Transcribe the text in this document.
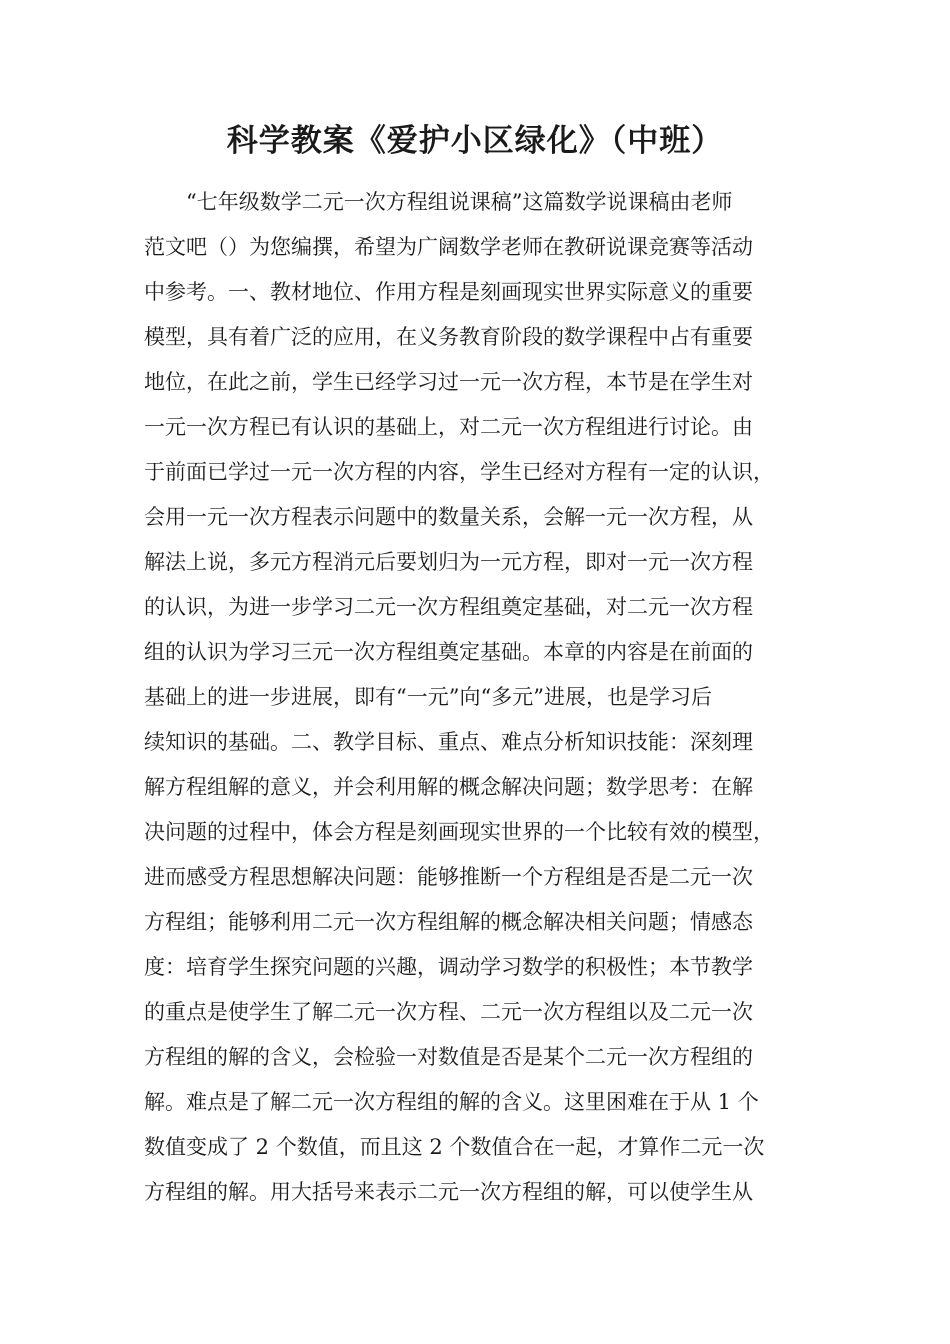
科学教案《爱护小区绿化》（中班）
“七年级数学二元一次方程组说课稿”这篇数学说课稿由老师
范文吧（）为您编撰，希望为广阔数学老师在教研说课竞赛等活动
中参考。一、教材地位、作用方程是刻画现实世界实际意义的重要
模型，具有着广泛的应用，在义务教育阶段的数学课程中占有重要
地位，在此之前，学生已经学习过一元一次方程，本节是在学生对
一元一次方程已有认识的基础上，对二元一次方程组进行讨论。由
于前面已学过一元一次方程的内容，学生已经对方程有一定的认识，
会用一元一次方程表示问题中的数量关系，会解一元一次方程，从
解法上说，多元方程消元后要划归为一元方程，即对一元一次方程
的认识，为进一步学习二元一次方程组奠定基础，对二元一次方程
组的认识为学习三元一次方程组奠定基础。本章的内容是在前面的
基础上的进一步进展，即有“一元”向“多元”进展，也是学习后
续知识的基础。二、教学目标、重点、难点分析知识技能：深刻理
解方程组解的意义，并会利用解的概念解决问题；数学思考：在解
决问题的过程中，体会方程是刻画现实世界的一个比较有效的模型，
进而感受方程思想解决问题：能够推断一个方程组是否是二元一次
方程组；能够利用二元一次方程组解的概念解决相关问题；情感态
度：培育学生探究问题的兴趣，调动学习数学的积极性；本节教学
的重点是使学生了解二元一次方程、二元一次方程组以及二元一次
方程组的解的含义，会检验一对数值是否是某个二元一次方程组的
解。难点是了解二元一次方程组的解的含义。这里困难在于从 1 个
数值变成了 2 个数值，而且这 2 个数值合在一起，才算作二元一次
方程组的解。用大括号来表示二元一次方程组的解，可以使学生从
